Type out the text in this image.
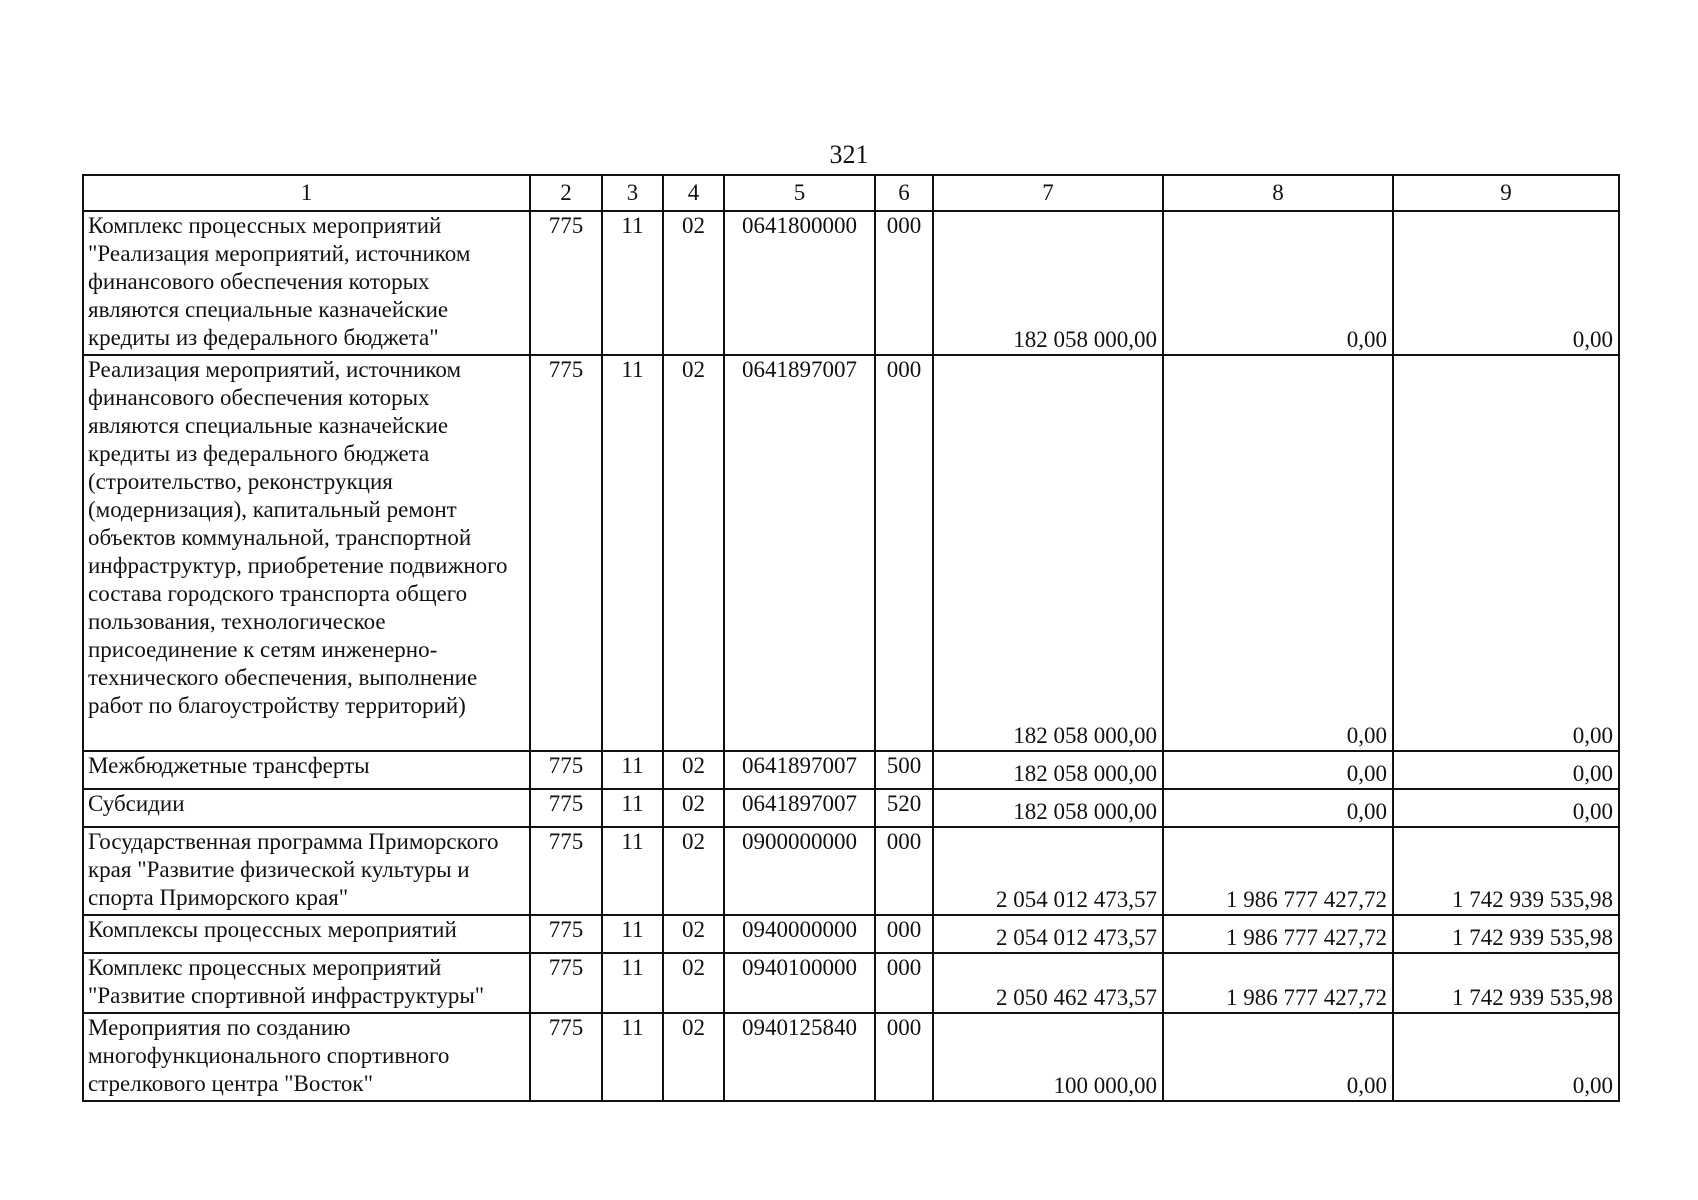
321
1	2	3	4	5	6	7	8	9
Комплекс процессных мероприятий "Реализация мероприятий, источником финансового обеспечения которых являются специальные казначейские кредиты из федерального бюджета"	775	11	02	0641800000	000	182 058 000,00	0,00	0,00
Реализация мероприятий, источником финансового обеспечения которых являются специальные казначейские кредиты из федерального бюджета (строительство, реконструкция (модернизация), капитальный ремонт объектов коммунальной, транспортной инфраструктур, приобретение подвижного состава городского транспорта общего пользования, технологическое присоединение к сетям инженерно-технического обеспечения, выполнение работ по благоустройству территорий)	775	11	02	0641897007	000	182 058 000,00	0,00	0,00
Межбюджетные трансферты	775	11	02	0641897007	500	182 058 000,00	0,00	0,00
Субсидии	775	11	02	0641897007	520	182 058 000,00	0,00	0,00
Государственная программа Приморского края "Развитие физической культуры и спорта Приморского края"	775	11	02	0900000000	000	2 054 012 473,57	1 986 777 427,72	1 742 939 535,98
Комплексы процессных мероприятий	775	11	02	0940000000	000	2 054 012 473,57	1 986 777 427,72	1 742 939 535,98
Комплекс процессных мероприятий "Развитие спортивной инфраструктуры"	775	11	02	0940100000	000	2 050 462 473,57	1 986 777 427,72	1 742 939 535,98
Мероприятия по созданию многофункционального спортивного стрелкового центра "Восток"	775	11	02	0940125840	000	100 000,00	0,00	0,00
